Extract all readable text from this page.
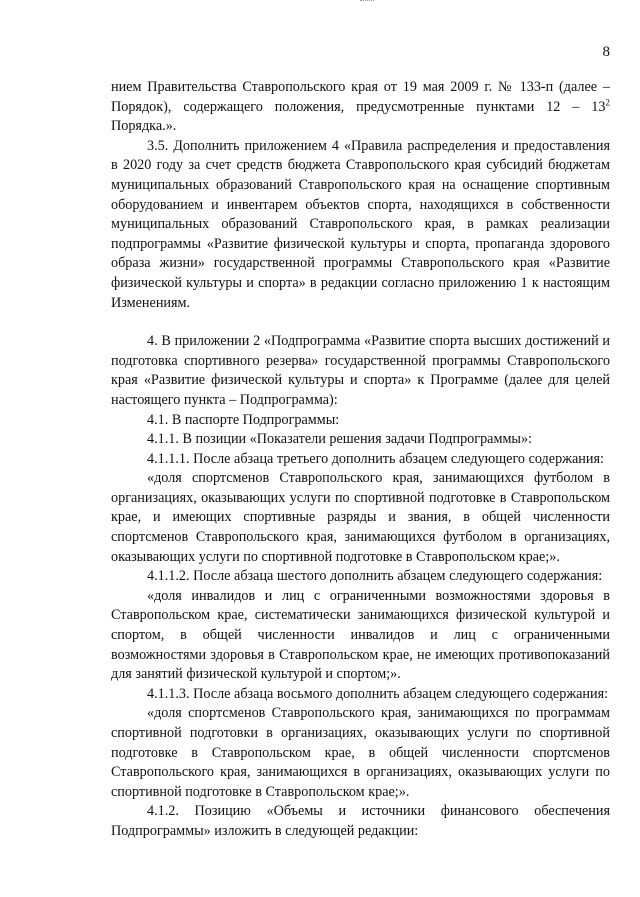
8

нием Правительства Ставропольского края от 19 мая 2009 г. № 133-п (далее – Порядок), содержащего положения, предусмотренные пунктами $12 - 13^2$ Порядка.».

3.5. Дополнить приложением 4 «Правила распределения и предоставления в 2020 году за счет средств бюджета Ставропольского края субсидий бюджетам муниципальных образований Ставропольского края на оснащение спортивным оборудованием и инвентарем объектов спорта, находящихся в собственности муниципальных образований Ставропольского края, в рамках реализации подпрограммы «Развитие физической культуры и спорта, пропаганда здорового образа жизни» государственной программы Ставропольского края «Развитие физической культуры и спорта» в редакции согласно приложению 1 к настоящим Изменениям.

4. В приложении 2 «Подпрограмма «Развитие спорта высших достижений и подготовка спортивного резерва» государственной программы Ставропольского края «Развитие физической культуры и спорта» к Программе (далее для целей настоящего пункта – Подпрограмма):

4.1. В паспорте Подпрограммы:

4.1.1. В позиции «Показатели решения задачи Подпрограммы»:

4.1.1.1. После абзаца третьего дополнить абзацем следующего содержания:

«доля спортсменов Ставропольского края, занимающихся футболом в организациях, оказывающих услуги по спортивной подготовке в Ставропольском крае, и имеющих спортивные разряды и звания, в общей численности спортсменов Ставропольского края, занимающихся футболом в организациях, оказывающих услуги по спортивной подготовке в Ставропольском крае;».

4.1.1.2. После абзаца шестого дополнить абзацем следующего содержания:

«доля инвалидов и лиц с ограниченными возможностями здоровья в Ставропольском крае, систематически занимающихся физической культурой и спортом, в общей численности инвалидов и лиц с ограниченными возможностями здоровья в Ставропольском крае, не имеющих противопоказаний для занятий физической культурой и спортом;».

4.1.1.3. После абзаца восьмого дополнить абзацем следующего содержания:

«доля спортсменов Ставропольского края, занимающихся по программам спортивной подготовки в организациях, оказывающих услуги по спортивной подготовке в Ставропольском крае, в общей численности спортсменов Ставропольского края, занимающихся в организациях, оказывающих услуги по спортивной подготовке в Ставропольском крае;».

4.1.2. Позицию «Объемы и источники финансового обеспечения Подпрограммы» изложить в следующей редакции:
